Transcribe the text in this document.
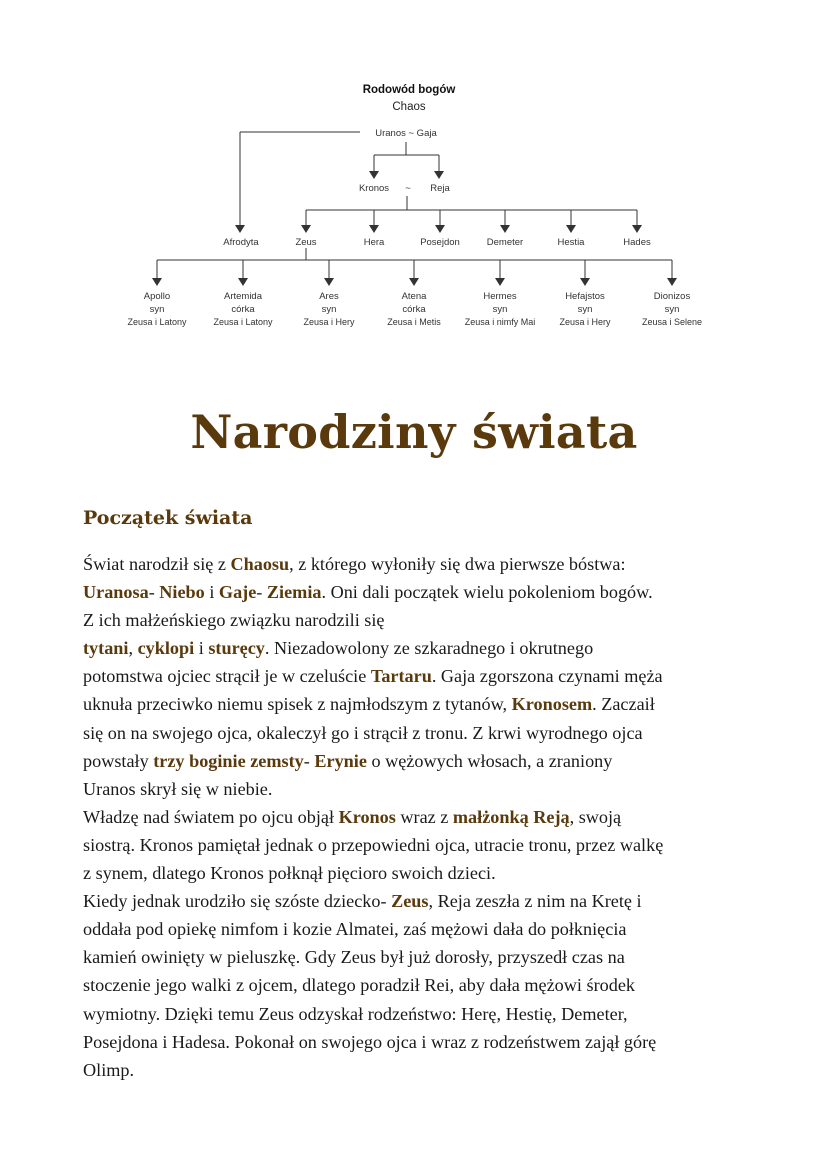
Rodowód bogów
Chaos
Uranos ~ Gaja
Kronos ~ Reja
Afrodyta	Zeus	Hera	Posejdon	Demeter	Hestia	Hades
Apollo
syn
Zeusa i Latony
Artemida
córka
Zeusa i Latony
Ares
syn
Zeusa i Hery
Atena
córka
Zeusa i Metis
Hermes
syn
Zeusa i nimfy Mai
Hefajstos
syn
Zeusa i Hery
Dionizos
syn
Zeusa i Selene
Narodziny świata
Początek świata
Świat narodził się z Chaosu, z którego wyłoniły się dwa pierwsze bóstwa:
Uranosa- Niebo i Gaje- Ziemia. Oni dali początek wielu pokoleniom bogów.
Z ich małżeńskiego związku narodzili się
tytani, cyklopi i sturęcy. Niezadowolony ze szkaradnego i okrutnego
potomstwa ojciec strącił je w czeluście Tartaru. Gaja zgorszona czynami męża
uknuła przeciwko niemu spisek z najmłodszym z tytanów, Kronosem. Zaczaił
się on na swojego ojca, okaleczył go i strącił z tronu. Z krwi wyrodnego ojca
powstały trzy boginie zemsty- Erynie o wężowych włosach, a zraniony
Uranos skrył się w niebie.
Władzę nad światem po ojcu objął Kronos wraz z małżonką Reją, swoją
siostrą. Kronos pamiętał jednak o przepowiedni ojca, utracie tronu, przez walkę
z synem, dlatego Kronos połknął pięcioro swoich dzieci.
Kiedy jednak urodziło się szóste dziecko- Zeus, Reja zeszła z nim na Kretę i
oddała pod opiekę nimfom i kozie Almatei, zaś mężowi dała do połknięcia
kamień owinięty w pieluszkę. Gdy Zeus był już dorosły, przyszedł czas na
stoczenie jego walki z ojcem, dlatego poradził Rei, aby dała mężowi środek
wymiotny. Dzięki temu Zeus odzyskał rodzeństwo: Herę, Hestię, Demeter,
Posejdona i Hadesa. Pokonał on swojego ojca i wraz z rodzeństwem zajął górę
Olimp.
